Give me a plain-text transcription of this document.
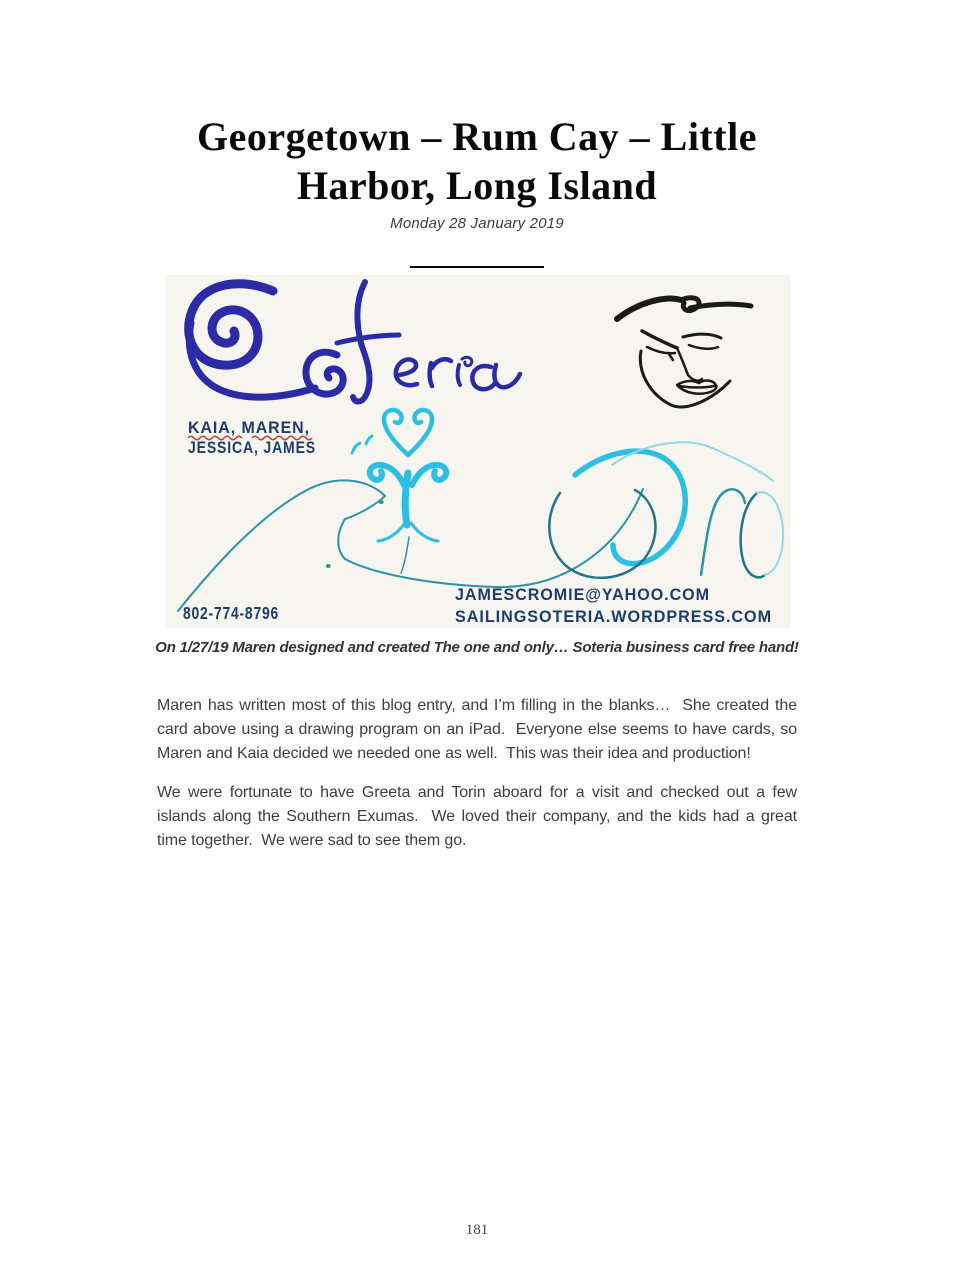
Georgetown – Rum Cay – Little
Harbor, Long Island
Monday 28 January 2019
KAIA, MAREN,
JESSICA, JAMES
802-774-8796
JAMESCROMIE@YAHOO.COM
SAILINGSOTERIA.WORDPRESS.COM
On 1/27/19 Maren designed and created The one and only… Soteria business card free hand!

Maren has written most of this blog entry, and I’m filling in the blanks…  She created the card above using a drawing program on an iPad.  Everyone else seems to have cards, so Maren and Kaia decided we needed one as well.  This was their idea and production!

We were fortunate to have Greeta and Torin aboard for a visit and checked out a few islands along the Southern Exumas.  We loved their company, and the kids had a great time together.  We were sad to see them go.

181
